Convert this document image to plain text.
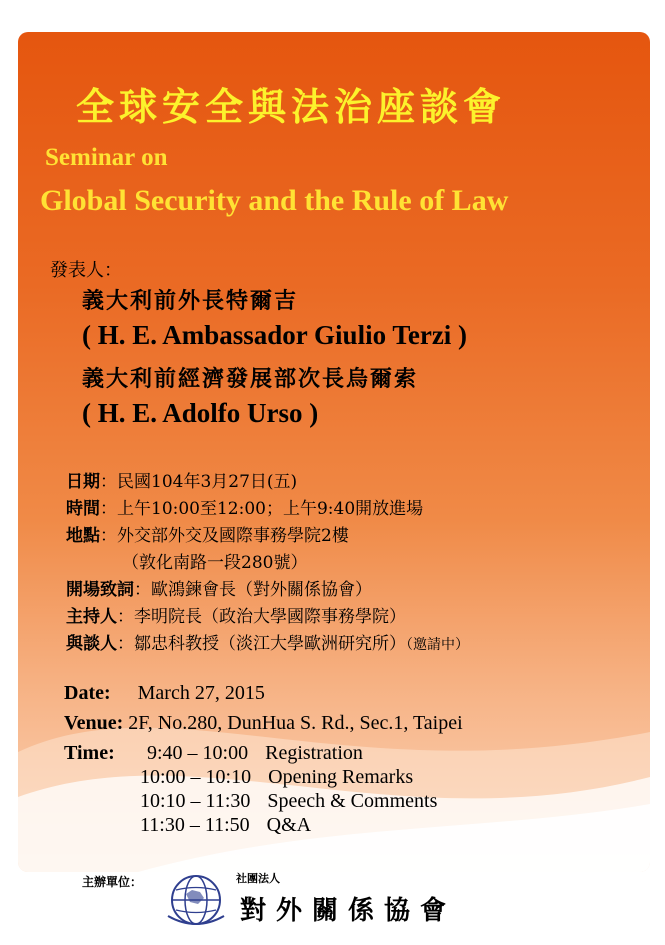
全球安全與法治座談會
Seminar on
Global Security and the Rule of Law
發表人：
義大利前外長特爾吉
( H. E. Ambassador Giulio Terzi )
義大利前經濟發展部次長烏爾索
( H. E. Adolfo Urso )
日期：民國104年3月27日(五)
時間：上午10:00至12:00；上午9:40開放進場
地點：外交部外交及國際事務學院2樓
（敦化南路一段280號）
開場致詞：歐鴻鍊會長（對外關係協會）
主持人：李明院長（政治大學國際事務學院）
與談人：鄒忠科教授（淡江大學歐洲研究所）（邀請中）
Date: March 27, 2015
Venue: 2F, No.280, DunHua S. Rd., Sec.1, Taipei
Time: 9:40 – 10:00 Registration
10:00 – 10:10 Opening Remarks
10:10 – 11:30 Speech & Comments
11:30 – 11:50 Q&A
主辦單位：	社團法人
對外關係協會
